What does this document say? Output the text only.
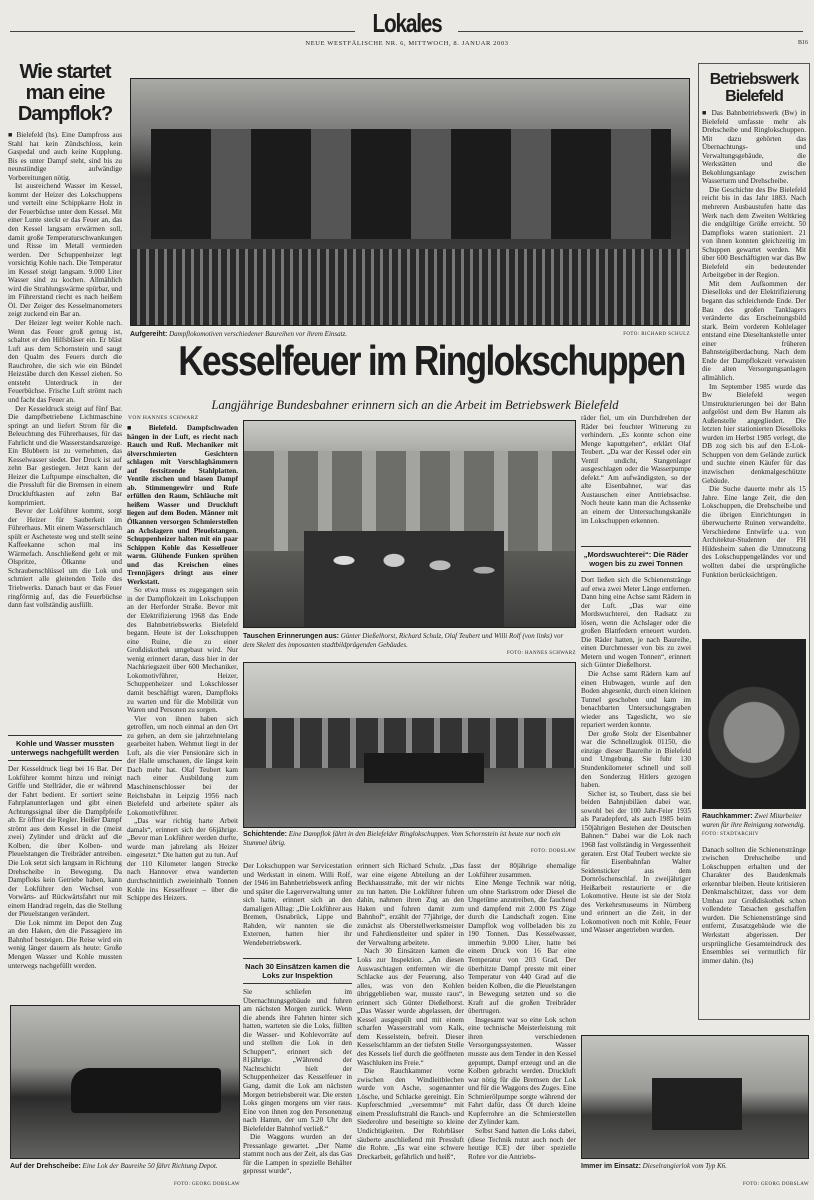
Lokales
NEUE WESTFÄLISCHE NR. 6, MITTWOCH, 8. JANUAR 2003	B16
Wie startet man eine Dampflok?

■ Bielefeld (hs). Eine Dampfross aus Stahl hat kein Zündschloss, kein Gaspedal und auch keine Kupplung. Bis es unter Dampf steht, sind bis zu neunstündige aufwändige Vorbereitungen nötig.

Ist ausreichend Wasser im Kessel, kommt der Heizer des Lokschuppens und verteilt eine Schippkarre Holz in der Feuerbüchse unter dem Kessel. Mit einer Lunte steckt er das Feuer an, das den Kessel langsam erwärmen soll, damit große Temperaturschwankungen und Risse im Metall vermieden werden. Der Schuppenheizer legt vorsichtig Kohle nach. Die Temperatur im Kessel steigt langsam. 9.000 Liter Wasser sind zu kochen. Allmählich wird die Strahlungswärme spürbar, und im Führerstand riecht es nach heißem Öl. Der Zeiger des Kesselmanometers zeigt zuckend ein Bar an.

Der Heizer legt weiter Kohle nach. Wenn das Feuer groß genug ist, schaltet er den Hilfsbläser ein. Er bläst Luft aus dem Schornstein und saugt den Qualm des Feuers durch die Rauchrohre, die sich wie ein Bündel Heizstäbe durch den Kessel ziehen. So entsteht Unterdruck in der Feuerbüchse. Frische Luft strömt nach und facht das Feuer an.

Der Kesseldruck steigt auf fünf Bar. Die dampfbetriebene Lichtmaschine springt an und liefert Strom für die Beleuchtung des Führerhauses, für das Fahrlicht und die Wasserstandsanzeige. Ein Blubbern ist zu vernehmen, das Kesselwasser siedet. Der Druck ist auf zehn Bar gestiegen. Jetzt kann der Heizer die Luftpumpe einschalten, die die Pressluft für die Bremsen in einem Druckluftkasten auf zehn Bar komprimiert.

Bevor der Lokführer kommt, sorgt der Heizer für Sauberkeit im Führerhaus. Mit einem Wasserschlauch spült er Ascheteste weg und stellt seine Kaffeekanne schon mal ins Wärmefach. Anschließend geht er mit Ölspritze, Ölkanne und Schraubenschlüssel um die Lok und schmiert alle gleitenden Teile des Triebwerks. Danach baut er das Feuer ringförmig auf, das die Feuerbüchse dann fast vollständig ausfüllt.

Kohle und Wasser mussten unterwegs nachgefüllt werden

Der Kesseldruck liegt bei 16 Bar. Der Lokführer kommt hinzu und reinigt Griffe und Stellräder, die er während der Fahrt bedient. Er sortiert seine Fahrplanunterlagen und gibt einen Achtungssignal über die Dampfpfeife ab. Er öffnet die Regler. Heißer Dampf strömt aus dem Kessel in die (meist zwei) Zylinder und drückt auf die Kolben, die über Kolben- und Pleuelstangen die Treibräder antreiben. Die Lok setzt sich langsam in Richtung Drehscheibe in Bewegung. Da Dampfloks kein Getriebe haben, kann der Lokführer den Wechsel von Vorwärts- auf Rückwärtsfahrt nur mit einem Handrad regeln, das die Stellung der Pleuelstangen verändert.

Die Lok nimmt im Depot den Zug an den Haken, den die Passagiere im Bahnhof besteigen. Die Reise wird ein wenig länger dauern als heute: Große Mengen Wasser und Kohle mussten unterwegs nachgefüllt werden.

Aufgereiht: Dampflokomotiven verschiedener Baureihen vor ihrem Einsatz.	FOTO: RICHARD SCHULZ
Kesselfeuer im Ringlokschuppen
Langjährige Bundesbahner erinnern sich an die Arbeit im Betriebswerk Bielefeld
VON HANNES SCHWARZ

■ Bielefeld. Dampfschwaden hängen in der Luft, es riecht nach Rauch und Ruß. Mechaniker mit ölverschmierten Gesichtern schlagen mit Vorschlaghämmern auf festsitzende Stahlplatten. Ventile zischen und blasen Dampf ab. Stimmengewirr und Rufe erfüllen den Raum, Schläuche mit heißem Wasser und Druckluft liegen auf dem Boden. Männer mit Ölkannen versorgen Schmierstellen an Achslagern und Pleuelstangen. Schuppenheizer halten mit ein paar Schippen Kohle das Kesselfeuer warm. Glühende Funken sprühen und das Kreischen eines Trennjägers dringt aus einer Werkstatt.

So etwa muss es zugegangen sein in der Dampflokzeit im Lokschuppen an der Herforder Straße. Bevor mit der Elektrifizierung 1968 das Ende des Bahnbetriebswerks Bielefeld begann. Heute ist der Lokschuppen eine Ruine, die zu einer Großdiskothek umgebaut wird. Nur wenig erinnert daran, dass hier in der Nachkriegszeit über 600 Mechaniker, Lokomotivführer, Heizer, Schuppenheizer und Lokschlosser damit beschäftigt waren, Dampfloks zu warten und für die Mobilität von Waren und Personen zu sorgen.

Vier von ihnen haben sich getroffen, um noch einmal an den Ort zu gehen, an dem sie jahrzehntelang gearbeitet haben. Wehmut liegt in der Luft, als die vier Pensionäre sich in der Halle umschauen, die längst kein Dach mehr hat. Olaf Teubert kam nach einer Ausbildung zum Maschinenschlosser bei der Reichsbahn in Leipzig 1956 nach Bielefeld und arbeitete später als Lokomotivführer.

„Das war richtig harte Arbeit damals“, erinnert sich der 66jährige. „Bevor man Lokführer werden durfte, wurde man jahrelang als Heizer eingesetzt.“ Die hatten gut zu tun. Auf der 110 Kilometer langen Strecke nach Hannover etwa wanderten durchschnittlich zweieinhalb Tonnen Kohle ins Kesselfeuer – über die Schippe des Heizers.

Tauschen Erinnerungen aus: Günter Dießelhorst, Richard Schulz, Olaf Teubert und Willi Rolf (von links) vor dem Skelett des imposanten stadtbildprägenden Gebäudes.
FOTO: HANNES SCHWARZ
Schichtende: Eine Dampflok fährt in den Bielefelder Ringlokschuppen. Vom Schornstein ist heute nur noch ein Stummel übrig.
FOTO: DOBSLAW

Der Lokschuppen war Servicestation und Werkstatt in einem. Willi Rolf, der 1946 im Bahnbetriebswerk anfing und später die Lagerverwaltung unter sich hatte, erinnert sich an den damaligen Alltag: „Die Lokführer aus Bremen, Osnabrück, Lippe und Rahden, wir nannten sie die Externen, hatten hier ihr Wendebetriebswerk.

Nach 30 Einsätzen kamen die Loks zur Inspektion

Sie schliefen im Übernachtungsgebäude und fuhren am nächsten Morgen zurück. Wenn die abends ihre Fahrten hinter sich hatten, warteten sie die Loks, füllten die Wasser- und Kohlevorräte auf und stellten die Lok in den Schuppen“, erinnert sich der 81jährige. „Während der Nachtschicht hielt der Schuppenheizer das Kesselfeuer in Gang, damit die Lok am nächsten Morgen betriebsbereit war. Die ersten Loks gingen morgens um vier raus. Eine von ihnen zog den Personenzug nach Hamm, der um 5.20 Uhr den Bielefelder Bahnhof verließ.“

Die Waggons wurden an der Pressanlage gewartet. „Der Name stammt noch aus der Zeit, als das Gas für die Lampen in spezielle Behälter gepresst wurde“,

erinnert sich Richard Schulz. „Das war eine eigene Abteilung an der Beckhausstraße, mit der wir nichts zu tun hatten. Die Lokführer fuhren dahin, nahmen ihren Zug an den Haken und fuhren damit zum Bahnhof“, erzählt der 77jährige, der zunächst als Oberstellwerksmeister und Fahrdienstleiter und später in der Verwaltung arbeitete.

Nach 30 Einsätzen kamen die Loks zur Inspektion. „An diesen Auswaschtagen entfernten wir die Schlacke aus der Feuerung, also alles, was von den Kohlen übriggeblieben war, musste raus“, erinnert sich Günter Dießelhorst. „Das Wasser wurde abgelassen, der Kessel ausgespült und mit einem scharfen Wasserstrahl vom Kalk, dem Kesselstein, befreit. Dieser Kesselschlamm an der tiefsten Stelle des Kessels lief durch die geöffneten Waschluken ins Freie.“

Die Rauchkammer vorne zwischen den Windleitblechen wurde von Asche, sogenannter Lösche, und Schlacke gereinigt. Ein Kupferschmied „versemmte“ mit einem Pressluftstrahl die Rauch- und Siederohre und beseitigte so kleine Undichtigkeiten. Der Rohrbläser säuberte anschließend mit Pressluft die Rohre. „Es war eine schwere Dreckarbeit, gefährlich und heiß“,

fasst der 80jährige ehemalige Lokführer zusammen.

Eine Menge Technik war nötig, um ohne Starkstrom oder Diesel die Ungetüme anzutreiben, die fauchend und dampfend mit 2.000 PS Züge durch die Landschaft zogen. Eine Dampflok wog vollbeladen bis zu 190 Tonnen. Das Kesselwasser, immerhin 9.000 Liter, hatte bei einem Druck von 16 Bar eine Temperatur von 203 Grad. Der überhitzte Dampf presste mit einer Temperatur von 440 Grad auf die beiden Kolben, die die Pleuelstangen in Bewegung setzten und so die Kraft auf die großen Treibräder übertrugen.

Insgesamt war so eine Lok schon eine technische Meisterleistung mit ihren verschiedenen Versorgungssystemen. Wasser musste aus dem Tender in den Kessel gepumpt, Dampf erzeugt und an die Kolben gebracht werden. Druckluft war nötig für die Bremsen der Lok und für die Waggons des Zuges. Eine Schmierölpumpe sorgte während der Fahrt dafür, dass Öl durch kleine Kupferrohre an die Schmierstellen der Zylinder kam.

Selbst Sand hatten die Loks dabei, (diese Technik nutzt auch noch der heutige ICE) der über spezielle Rohre vor die Antriebs-

räder fiel, um ein Durchdrehen der Räder bei feuchter Witterung zu verhindern. „Es konnte schon eine Menge kaputtgehen“, erklärt Olaf Teubert. „Da war der Kessel oder ein Ventil undicht, Stangenlager ausgeschlagen oder die Wasserpumpe defekt.“ Am aufwändigsten, so der alte Eisenbahner, war das Austauschen einer Antriebsachse. Noch heute kann man die Achssenke an einem der Untersuchungskanäle im Lokschuppen erkennen.

„Mordswuchterei“: Die Räder wogen bis zu zwei Tonnen

Dort ließen sich die Schienenstränge auf etwa zwei Meter Länge entfernen. Dann hing eine Achse samt Rädern in der Luft. „Das war eine Mordswuchterei, den Radsatz zu lösen, wenn die Achslager oder die großen Blattfedern erneuert wurden. Die Räder hatten, je nach Baureihe, einen Durchmesser von bis zu zwei Metern und wogen Tonnen“, erinnert sich Günter Dießelhorst.

Die Achse samt Rädern kam auf einen Hubwagen, wurde auf den Boden abgesenkt, durch einen kleinen Tunnel geschoben und kam im benachbarten Untersuchungsgraben wieder ans Tageslicht, wo sie repariert werden konnte.

Der große Stolz der Eisenbahner war die Schnellzuglok 01150, die einzige dieser Baureihe in Bielefeld und Umgebung. Sie fuhr 130 Stundenkilometer schnell und soll den Sonderzug Hitlers gezogen haben.

Sicher ist, so Teubert, dass sie bei beiden Bahnjubiläen dabei war, sowohl bei der 100 Jahr-Feier 1935 als Paradepferd, als auch 1985 beim 150jährigen Bestehen der Deutschen Bahnen.“ Dabei war die Lok nach 1968 fast vollständig in Vergessenheit geraten. Erst Olaf Teubert weckte sie für Eisenbahnfan Walter Seidensticker aus dem Dornröschenschlaf. In zweijähriger Heißarbeit restaurierte er die Lokomotive. Heute ist sie der Stolz des Verkehrsmuseums in Nürnberg und erinnert an die Zeit, in der Lokomotiven noch mit Kohle, Feuer und Wasser angetrieben wurden.

Betriebswerk Bielefeld

■ Das Bahnbetriebswerk (Bw) in Bielefeld umfasste mehr als Drehscheibe und Ringlokschuppen. Mit dazu gehörten das Übernachtungs- und Verwaltungsgebäude, die Werkstätten und die Bekohlungsanlage zwischen Wasserturm und Drehscheibe.

Die Geschichte des Bw Bielefeld reicht bis in das Jahr 1883. Nach mehreren Ausbaustufen hatte das Werk nach dem Zweiten Weltkrieg die endgültige Größe erreicht. 50 Dampfloks waren stationiert. 21 von ihnen konnten gleichzeitig im Schuppen gewartet werden. Mit über 600 Beschäftigten war das Bw Bielefeld ein bedeutender Arbeitgeber in der Region.

Mit dem Aufkommen der Dieselloks und der Elektrifizierung begann das schleichende Ende. Der Bau des großen Tanklagers veränderte das Erscheinungsbild stark. Beim vorderen Kohlelager entstand eine Dieseltankstelle unter einer früheren Bahnsteigüberdachung. Nach dem Ende der Dampflokzeit verwaisten die alten Versorgungsanlagen allmählich.

Im September 1985 wurde das Bw Bielefeld wegen Umstrukturierungen bei der Bahn aufgelöst und dem Bw Hamm als Außenstelle angegliedert. Die letzten hier stationierten Dieselloks wurden im Herbst 1985 verlegt, die DB zog sich bis auf den E-Lok-Schuppen von dem Gelände zurück und suchte einen Käufer für das inzwischen denkmalgeschützte Gebäude.

Die Suche dauerte mehr als 15 Jahre. Eine lange Zeit, die den Lokschuppen, die Drehscheibe und die übrigen Einrichtungen in überwucherte Ruinen verwandelte. Verschiedene Entwürfe u.a. von Architektur-Studenten der FH Hildesheim sahen die Umnutzung des Lokschuppengeländes vor und wollten dabei die ursprüngliche Funktion berücksichtigen.

Rauchkammer: Zwei Mitarbeiter waren für ihre Reinigung notwendig. FOTO: STADTARCHIV

Danach sollten die Schienenstränge zwischen Drehscheibe und Lokschuppen erhalten und der Charakter des Baudenkmals erkennbar bleiben. Heute kritisieren Denkmalschützer, dass vor dem Umbau zur Großdiskothek schon vollendete Tatsachen geschaffen wurden. Die Schienenstränge sind entfernt, Zusatzgebäude wie die Werkstatt abgerissen. Der ursprüngliche Gesamteindruck des Ensembles sei vermutlich für immer dahin. (hs)

Auf der Drehscheibe: Eine Lok der Baureihe 50 fährt Richtung Depot.
FOTO: GEORG DOBSLAW
Immer im Einsatz: Dieselrangierlok vom Typ K6.
FOTO: GEORG DOBSLAW
